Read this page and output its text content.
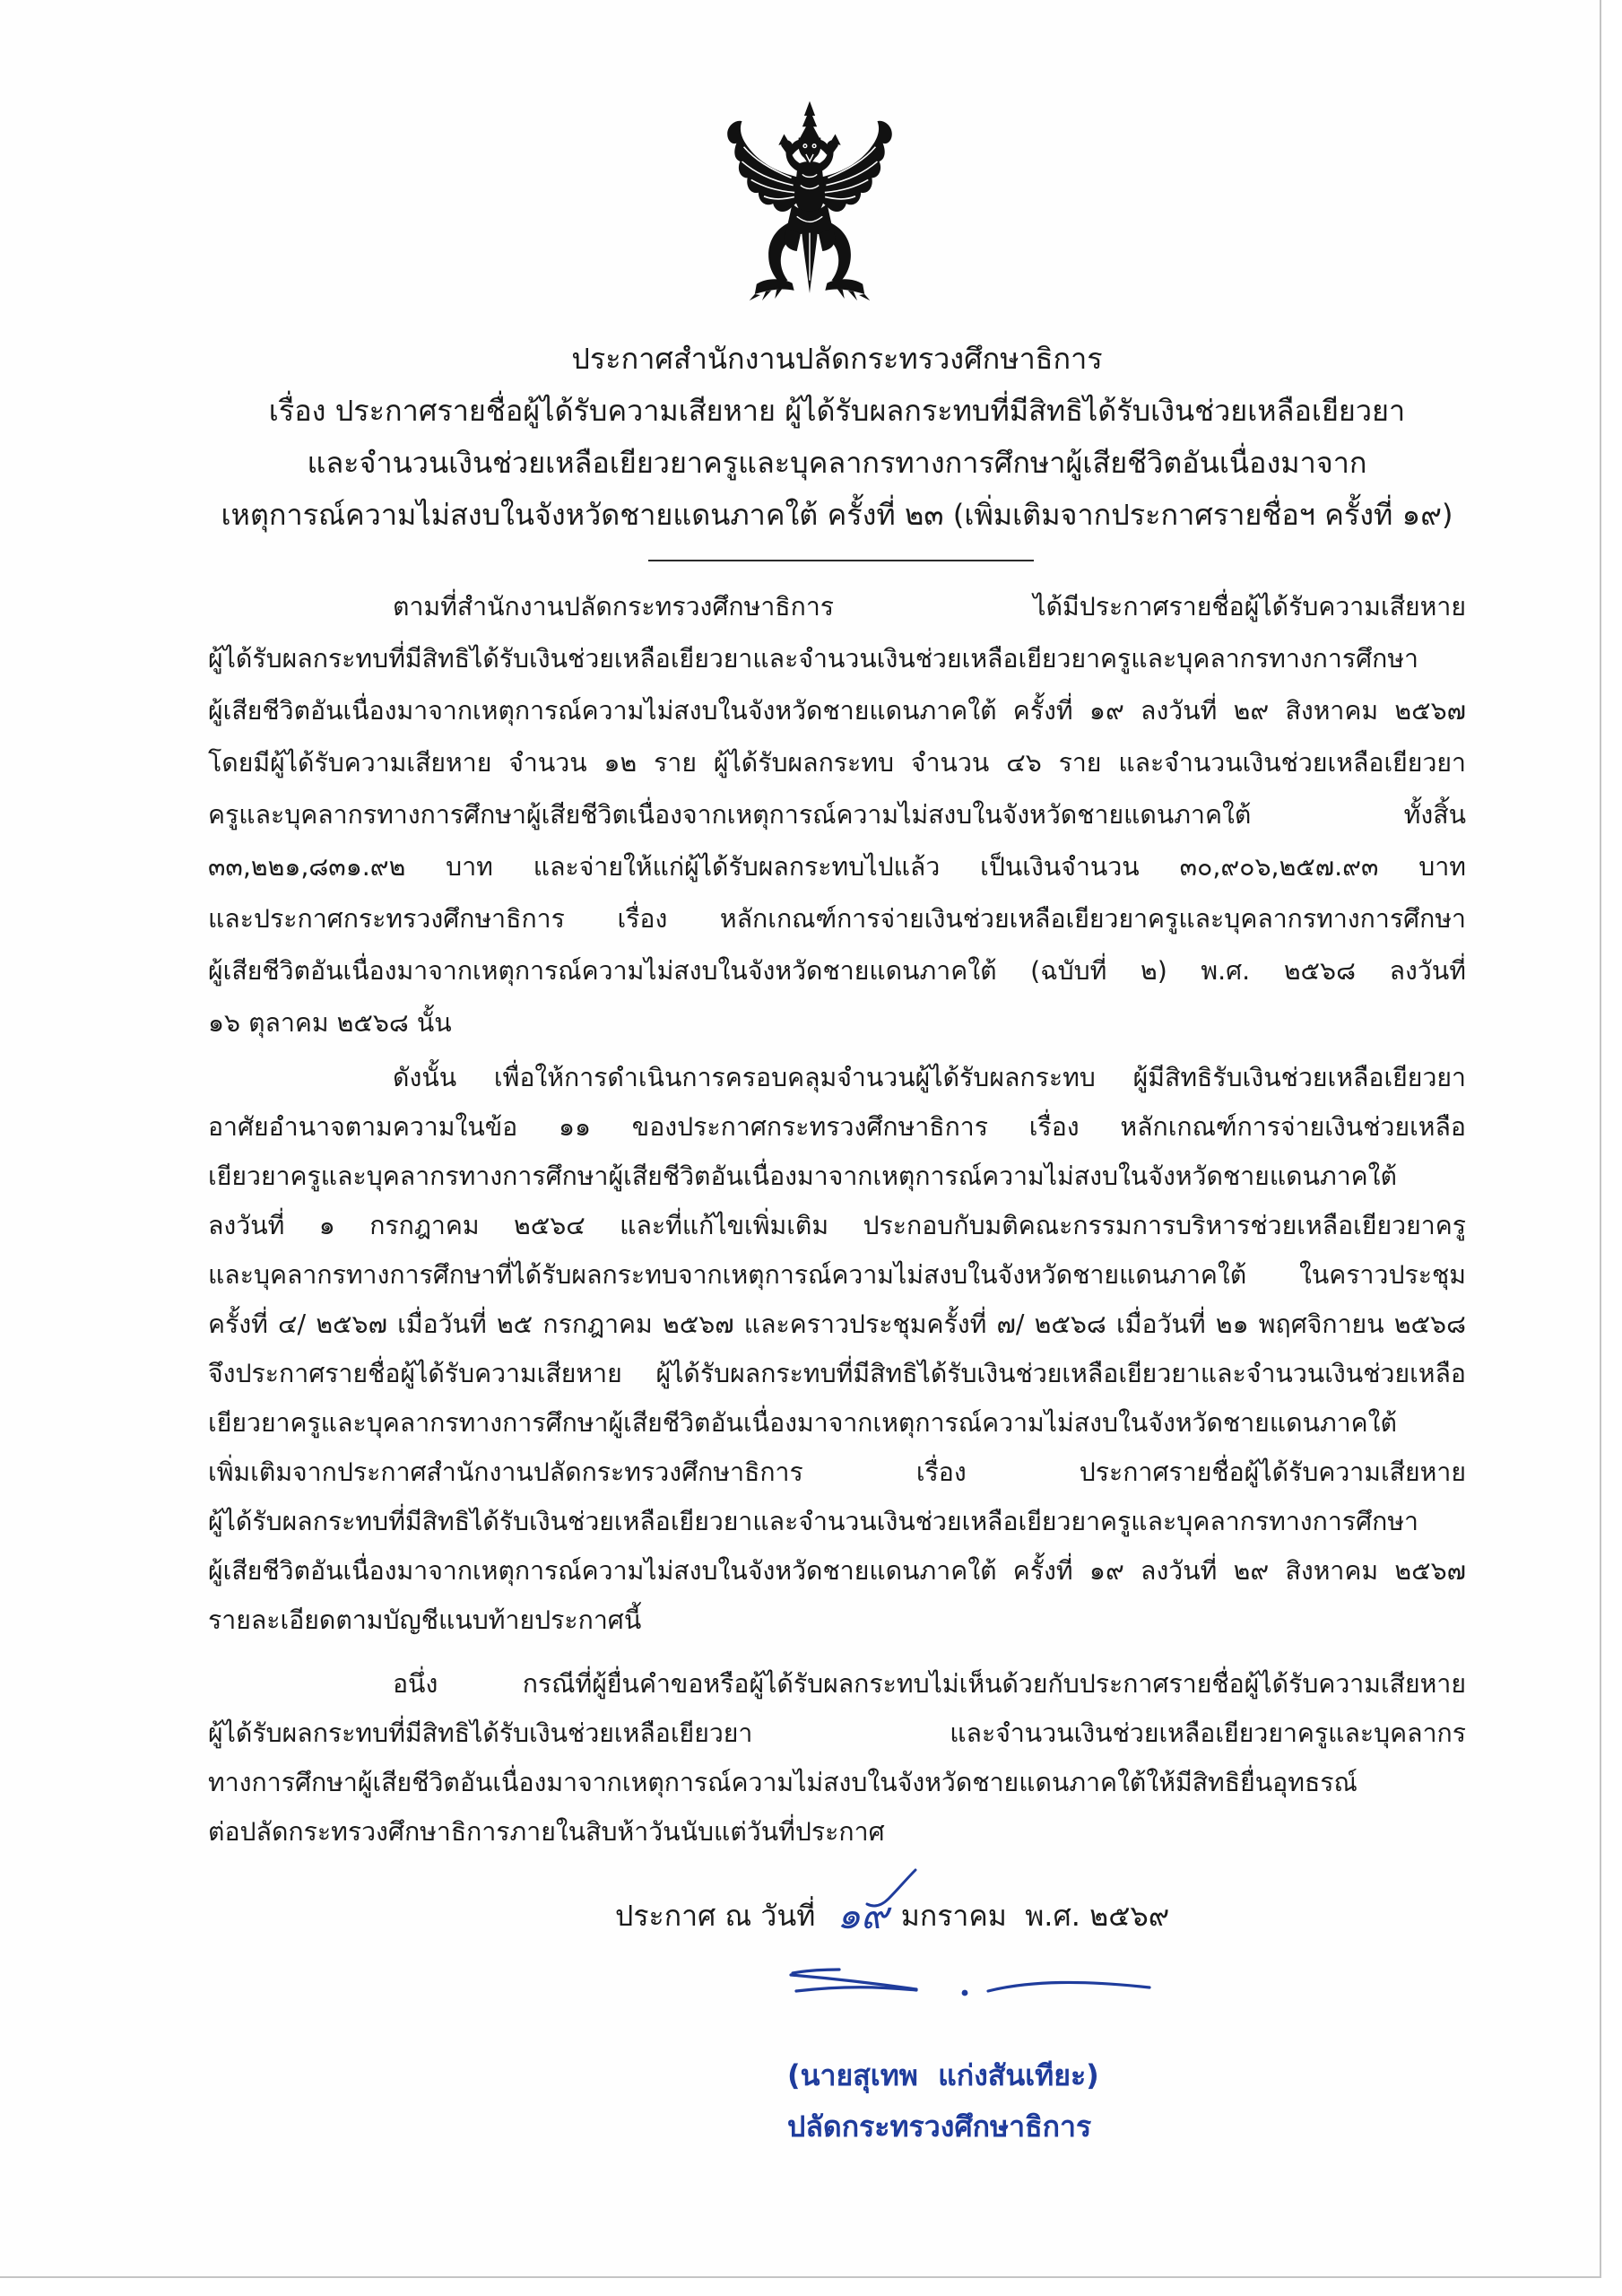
ประกาศสำนักงานปลัดกระทรวงศึกษาธิการ
เรื่อง ประกาศรายชื่อผู้ได้รับความเสียหาย ผู้ได้รับผลกระทบที่มีสิทธิได้รับเงินช่วยเหลือเยียวยา
และจำนวนเงินช่วยเหลือเยียวยาครูและบุคลากรทางการศึกษาผู้เสียชีวิตอันเนื่องมาจาก
เหตุการณ์ความไม่สงบในจังหวัดชายแดนภาคใต้ ครั้งที่ ๒๓ (เพิ่มเติมจากประกาศรายชื่อฯ ครั้งที่ ๑๙)
ตามที่สำนักงานปลัดกระทรวงศึกษาธิการ ได้มีประกาศรายชื่อผู้ได้รับความเสียหาย
ผู้ได้รับผลกระทบที่มีสิทธิได้รับเงินช่วยเหลือเยียวยาและจำนวนเงินช่วยเหลือเยียวยาครูและบุคลากรทางการศึกษา
ผู้เสียชีวิตอันเนื่องมาจากเหตุการณ์ความไม่สงบในจังหวัดชายแดนภาคใต้ ครั้งที่ ๑๙ ลงวันที่ ๒๙ สิงหาคม ๒๕๖๗
โดยมีผู้ได้รับความเสียหาย จำนวน ๑๒ ราย ผู้ได้รับผลกระทบ จำนวน ๔๖ ราย และจำนวนเงินช่วยเหลือเยียวยา
ครูและบุคลากรทางการศึกษาผู้เสียชีวิตเนื่องจากเหตุการณ์ความไม่สงบในจังหวัดชายแดนภาคใต้ ทั้งสิ้น
๓๓,๒๒๑,๘๓๑.๙๒ บาท และจ่ายให้แก่ผู้ได้รับผลกระทบไปแล้ว เป็นเงินจำนวน ๓๐,๙๐๖,๒๕๗.๙๓ บาท
และประกาศกระทรวงศึกษาธิการ เรื่อง หลักเกณฑ์การจ่ายเงินช่วยเหลือเยียวยาครูและบุคลากรทางการศึกษา
ผู้เสียชีวิตอันเนื่องมาจากเหตุการณ์ความไม่สงบในจังหวัดชายแดนภาคใต้ (ฉบับที่ ๒) พ.ศ. ๒๕๖๘ ลงวันที่
๑๖ ตุลาคม ๒๕๖๘ นั้น
ดังนั้น เพื่อให้การดำเนินการครอบคลุมจำนวนผู้ได้รับผลกระทบ ผู้มีสิทธิรับเงินช่วยเหลือเยียวยา
อาศัยอำนาจตามความในข้อ ๑๑ ของประกาศกระทรวงศึกษาธิการ เรื่อง หลักเกณฑ์การจ่ายเงินช่วยเหลือ
เยียวยาครูและบุคลากรทางการศึกษาผู้เสียชีวิตอันเนื่องมาจากเหตุการณ์ความไม่สงบในจังหวัดชายแดนภาคใต้
ลงวันที่ ๑ กรกฎาคม ๒๕๖๔ และที่แก้ไขเพิ่มเติม ประกอบกับมติคณะกรรมการบริหารช่วยเหลือเยียวยาครู
และบุคลากรทางการศึกษาที่ได้รับผลกระทบจากเหตุการณ์ความไม่สงบในจังหวัดชายแดนภาคใต้ ในคราวประชุม
ครั้งที่ ๔/ ๒๕๖๗ เมื่อวันที่ ๒๕ กรกฎาคม ๒๕๖๗ และคราวประชุมครั้งที่ ๗/ ๒๕๖๘ เมื่อวันที่ ๒๑ พฤศจิกายน ๒๕๖๘
จึงประกาศรายชื่อผู้ได้รับความเสียหาย ผู้ได้รับผลกระทบที่มีสิทธิได้รับเงินช่วยเหลือเยียวยาและจำนวนเงินช่วยเหลือ
เยียวยาครูและบุคลากรทางการศึกษาผู้เสียชีวิตอันเนื่องมาจากเหตุการณ์ความไม่สงบในจังหวัดชายแดนภาคใต้
เพิ่มเติมจากประกาศสำนักงานปลัดกระทรวงศึกษาธิการ เรื่อง ประกาศรายชื่อผู้ได้รับความเสียหาย
ผู้ได้รับผลกระทบที่มีสิทธิได้รับเงินช่วยเหลือเยียวยาและจำนวนเงินช่วยเหลือเยียวยาครูและบุคลากรทางการศึกษา
ผู้เสียชีวิตอันเนื่องมาจากเหตุการณ์ความไม่สงบในจังหวัดชายแดนภาคใต้ ครั้งที่ ๑๙ ลงวันที่ ๒๙ สิงหาคม ๒๕๖๗
รายละเอียดตามบัญชีแนบท้ายประกาศนี้
อนึ่ง กรณีที่ผู้ยื่นคำขอหรือผู้ได้รับผลกระทบไม่เห็นด้วยกับประกาศรายชื่อผู้ได้รับความเสียหาย
ผู้ได้รับผลกระทบที่มีสิทธิได้รับเงินช่วยเหลือเยียวยา และจำนวนเงินช่วยเหลือเยียวยาครูและบุคลากร
ทางการศึกษาผู้เสียชีวิตอันเนื่องมาจากเหตุการณ์ความไม่สงบในจังหวัดชายแดนภาคใต้ให้มีสิทธิยื่นอุทธรณ์
ต่อปลัดกระทรวงศึกษาธิการภายในสิบห้าวันนับแต่วันที่ประกาศ
ประกาศ ณ วันที่ ๑๙ มกราคม  พ.ศ. ๒๕๖๙
(นายสุเทพ  แก่งสันเทียะ)
ปลัดกระทรวงศึกษาธิการ
